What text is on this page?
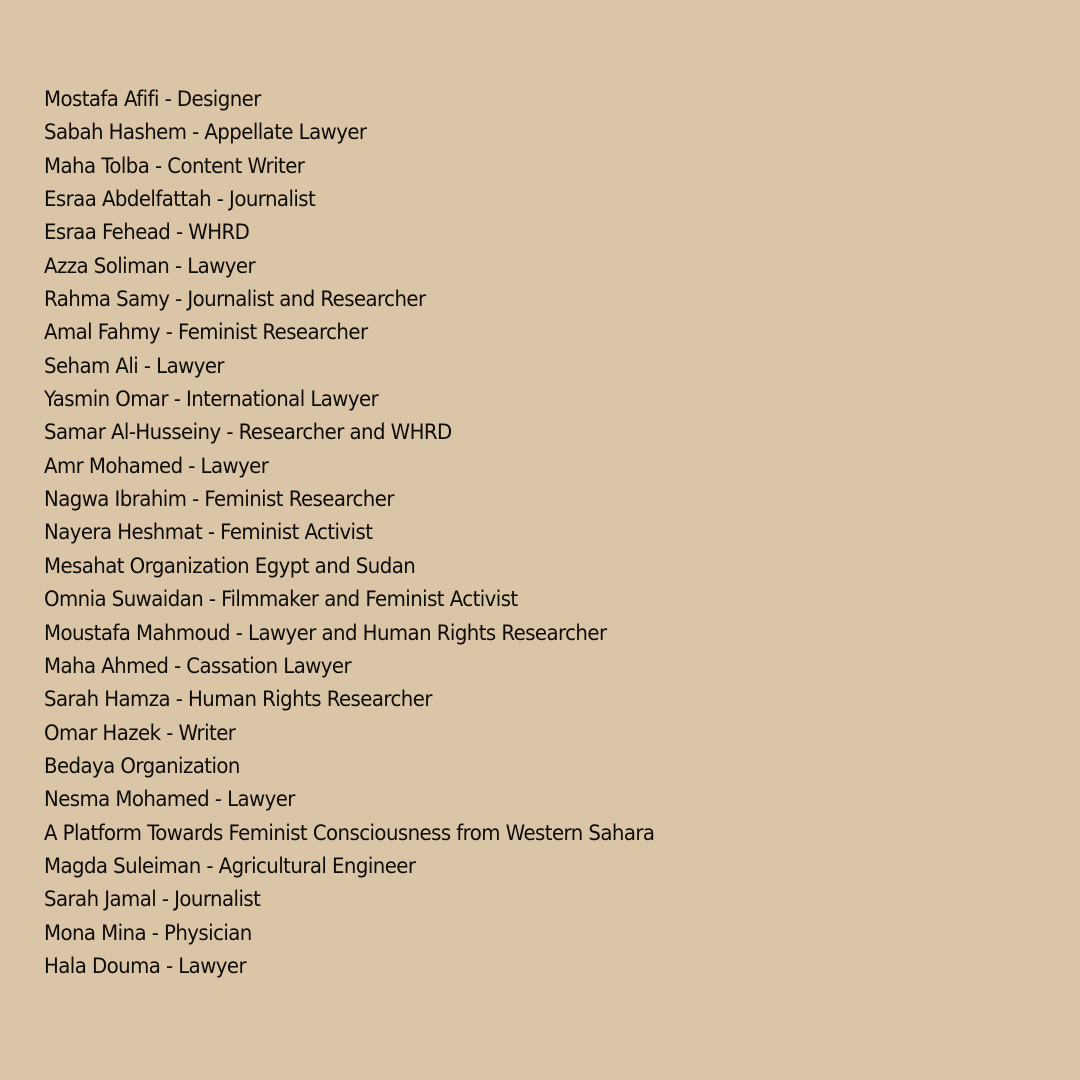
Mostafa Afifi - Designer
Sabah Hashem - Appellate Lawyer
Maha Tolba - Content Writer
Esraa Abdelfattah - Journalist
Esraa Fehead - WHRD
Azza Soliman - Lawyer
Rahma Samy - Journalist and Researcher
Amal Fahmy - Feminist Researcher
Seham Ali - Lawyer
Yasmin Omar - International Lawyer
Samar Al-Husseiny - Researcher and WHRD
Amr Mohamed - Lawyer
Nagwa Ibrahim - Feminist Researcher
Nayera Heshmat - Feminist Activist
Mesahat Organization Egypt and Sudan
Omnia Suwaidan - Filmmaker and Feminist Activist
Moustafa Mahmoud - Lawyer and Human Rights Researcher
Maha Ahmed - Cassation Lawyer
Sarah Hamza - Human Rights Researcher
Omar Hazek - Writer
Bedaya Organization
Nesma Mohamed - Lawyer
A Platform Towards Feminist Consciousness from Western Sahara
Magda Suleiman - Agricultural Engineer
Sarah Jamal - Journalist
Mona Mina - Physician
Hala Douma - Lawyer
